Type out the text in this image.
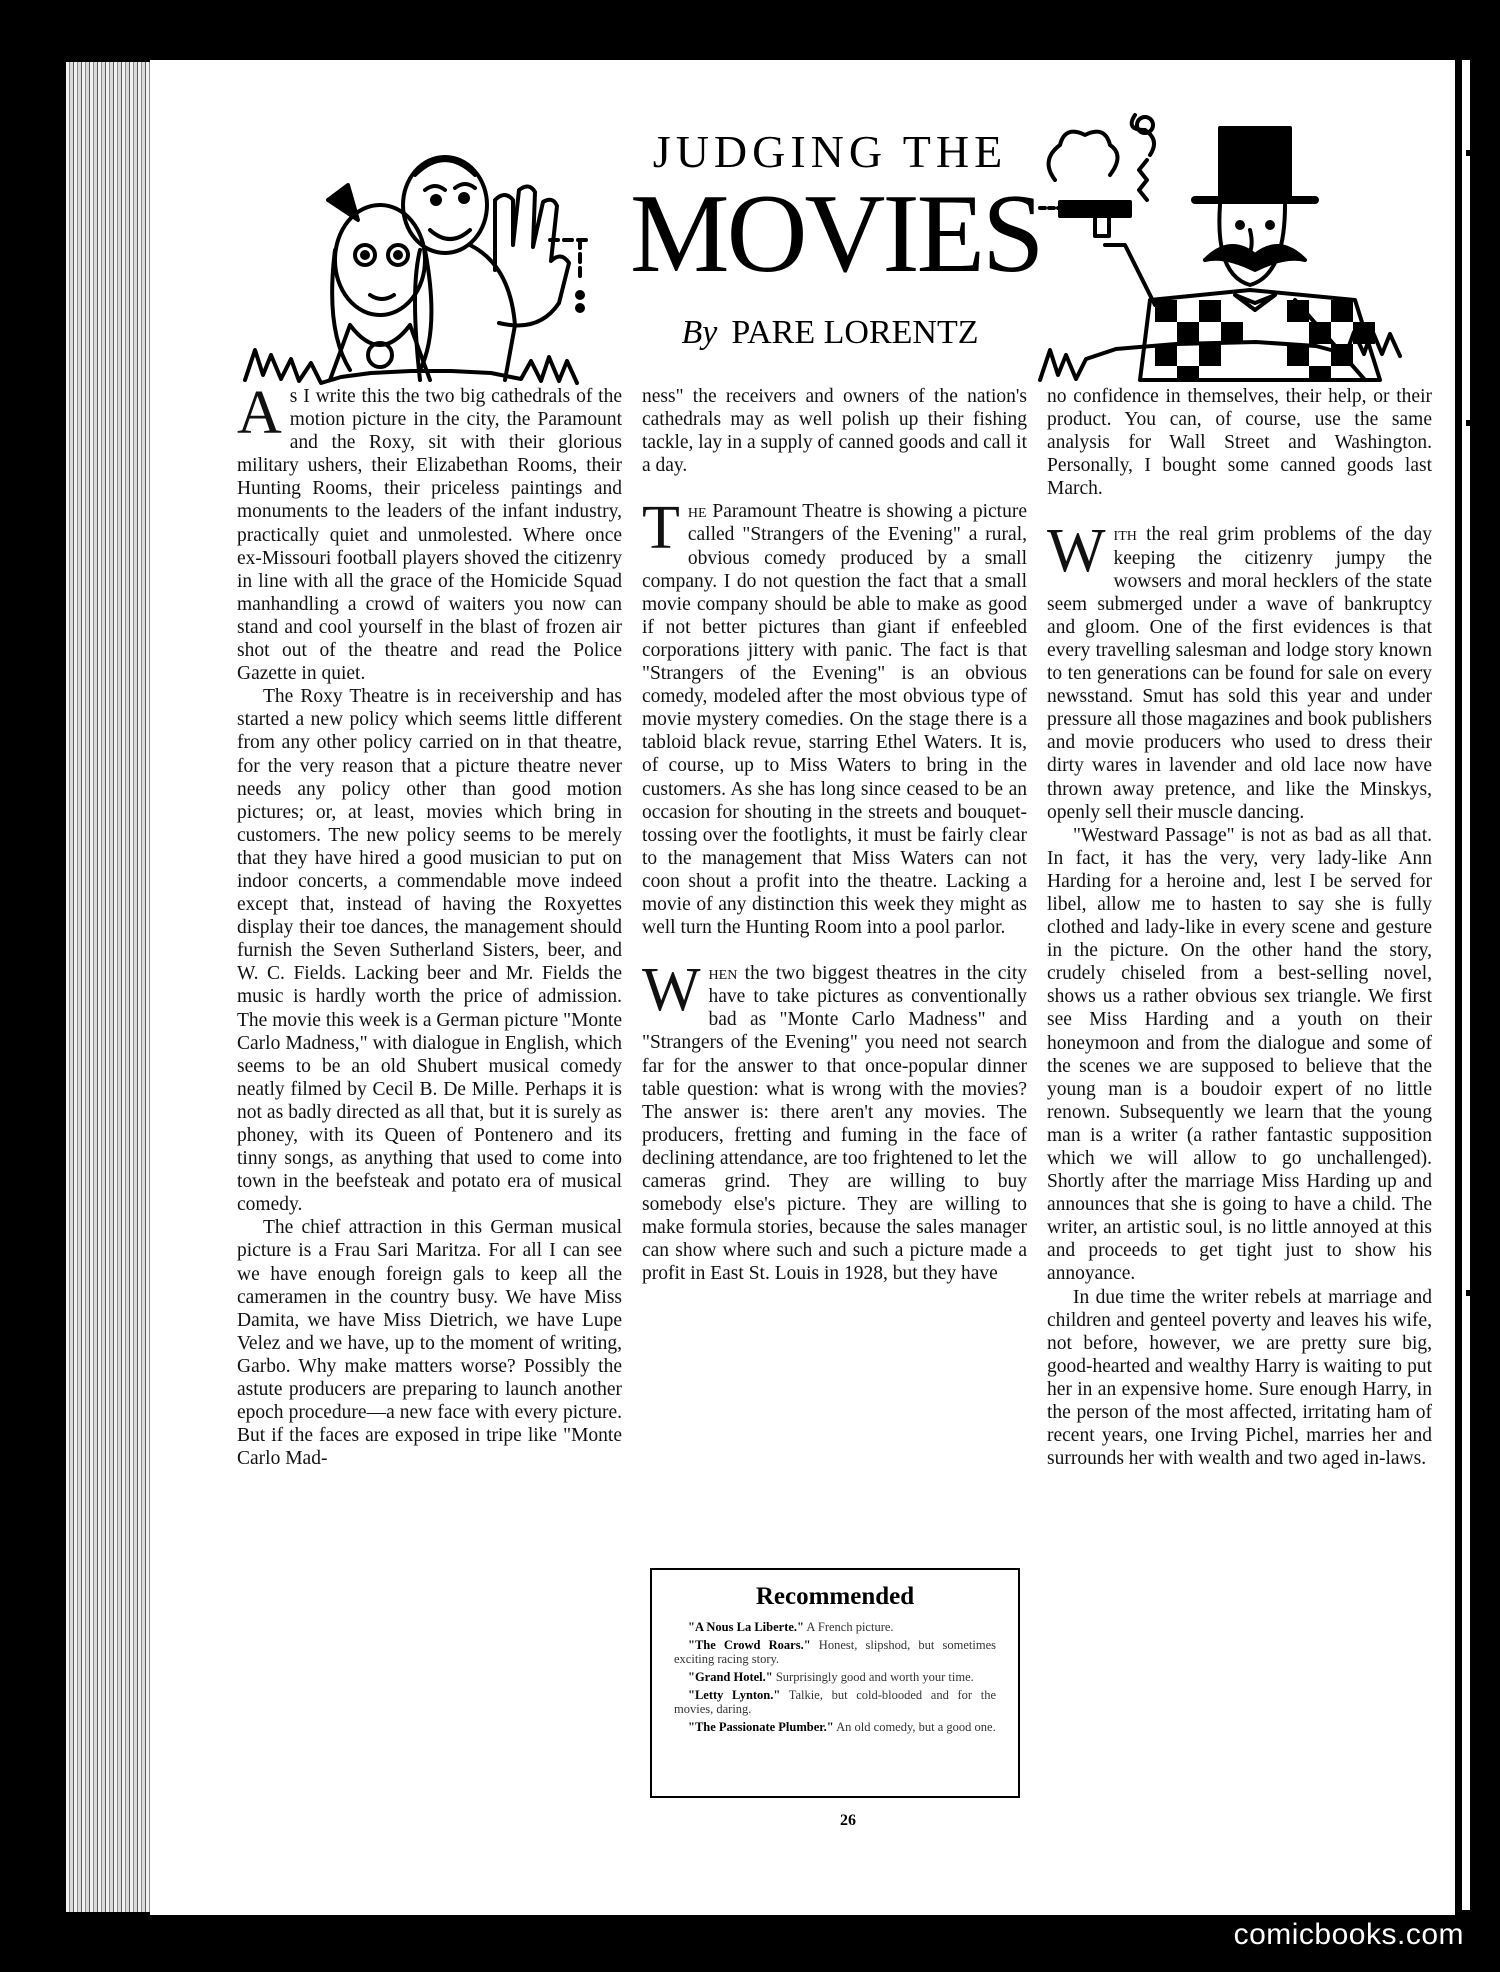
JUDGING THE
MOVIES
By PARE LORENTZ

As I write this the two big cathedrals of the motion picture in the city, the Paramount and the Roxy, sit with their glorious military ushers, their Elizabethan Rooms, their Hunting Rooms, their priceless paintings and monuments to the leaders of the infant industry, practically quiet and unmolested. Where once ex-Missouri football players shoved the citizenry in line with all the grace of the Homicide Squad manhandling a crowd of waiters you now can stand and cool yourself in the blast of frozen air shot out of the theatre and read the Police Gazette in quiet.

The Roxy Theatre is in receivership and has started a new policy which seems little different from any other policy carried on in that theatre, for the very reason that a picture theatre never needs any policy other than good motion pictures; or, at least, movies which bring in customers. The new policy seems to be merely that they have hired a good musician to put on indoor concerts, a commendable move indeed except that, instead of having the Roxyettes display their toe dances, the management should furnish the Seven Sutherland Sisters, beer, and W. C. Fields. Lacking beer and Mr. Fields the music is hardly worth the price of admission. The movie this week is a German picture "Monte Carlo Madness," with dialogue in English, which seems to be an old Shubert musical comedy neatly filmed by Cecil B. De Mille. Perhaps it is not as badly directed as all that, but it is surely as phoney, with its Queen of Pontenero and its tinny songs, as anything that used to come into town in the beefsteak and potato era of musical comedy.

The chief attraction in this German musical picture is a Frau Sari Maritza. For all I can see we have enough foreign gals to keep all the cameramen in the country busy. We have Miss Damita, we have Miss Dietrich, we have Lupe Velez and we have, up to the moment of writing, Garbo. Why make matters worse? Possibly the astute producers are preparing to launch another epoch procedure—a new face with every picture. But if the faces are exposed in tripe like "Monte Carlo Mad-

ness" the receivers and owners of the nation's cathedrals may as well polish up their fishing tackle, lay in a supply of canned goods and call it a day.

The Paramount Theatre is showing a picture called "Strangers of the Evening" a rural, obvious comedy produced by a small company. I do not question the fact that a small movie company should be able to make as good if not better pictures than giant if enfeebled corporations jittery with panic. The fact is that "Strangers of the Evening" is an obvious comedy, modeled after the most obvious type of movie mystery comedies. On the stage there is a tabloid black revue, starring Ethel Waters. It is, of course, up to Miss Waters to bring in the customers. As she has long since ceased to be an occasion for shouting in the streets and bouquet-tossing over the footlights, it must be fairly clear to the management that Miss Waters can not coon shout a profit into the theatre. Lacking a movie of any distinction this week they might as well turn the Hunting Room into a pool parlor.

When the two biggest theatres in the city have to take pictures as conventionally bad as "Monte Carlo Madness" and "Strangers of the Evening" you need not search far for the answer to that once-popular dinner table question: what is wrong with the movies? The answer is: there aren't any movies. The producers, fretting and fuming in the face of declining attendance, are too frightened to let the cameras grind. They are willing to buy somebody else's picture. They are willing to make formula stories, because the sales manager can show where such and such a picture made a profit in East St. Louis in 1928, but they have

Recommended
"A Nous La Liberte." A French picture.
"The Crowd Roars." Honest, slipshod, but sometimes exciting racing story.
"Grand Hotel." Surprisingly good and worth your time.
"Letty Lynton." Talkie, but cold-blooded and for the movies, daring.
"The Passionate Plumber." An old comedy, but a good one.

no confidence in themselves, their help, or their product. You can, of course, use the same analysis for Wall Street and Washington. Personally, I bought some canned goods last March.

With the real grim problems of the day keeping the citizenry jumpy the wowsers and moral hecklers of the state seem submerged under a wave of bankruptcy and gloom. One of the first evidences is that every travelling salesman and lodge story known to ten generations can be found for sale on every newsstand. Smut has sold this year and under pressure all those magazines and book publishers and movie producers who used to dress their dirty wares in lavender and old lace now have thrown away pretence, and like the Minskys, openly sell their muscle dancing.

"Westward Passage" is not as bad as all that. In fact, it has the very, very lady-like Ann Harding for a heroine and, lest I be served for libel, allow me to hasten to say she is fully clothed and lady-like in every scene and gesture in the picture. On the other hand the story, crudely chiseled from a best-selling novel, shows us a rather obvious sex triangle. We first see Miss Harding and a youth on their honeymoon and from the dialogue and some of the scenes we are supposed to believe that the young man is a boudoir expert of no little renown. Subsequently we learn that the young man is a writer (a rather fantastic supposition which we will allow to go unchallenged). Shortly after the marriage Miss Harding up and announces that she is going to have a child. The writer, an artistic soul, is no little annoyed at this and proceeds to get tight just to show his annoyance.

In due time the writer rebels at marriage and children and genteel poverty and leaves his wife, not before, however, we are pretty sure big, good-hearted and wealthy Harry is waiting to put her in an expensive home. Sure enough Harry, in the person of the most affected, irritating ham of recent years, one Irving Pichel, marries her and surrounds her with wealth and two aged in-laws.

26
comicbooks.com
